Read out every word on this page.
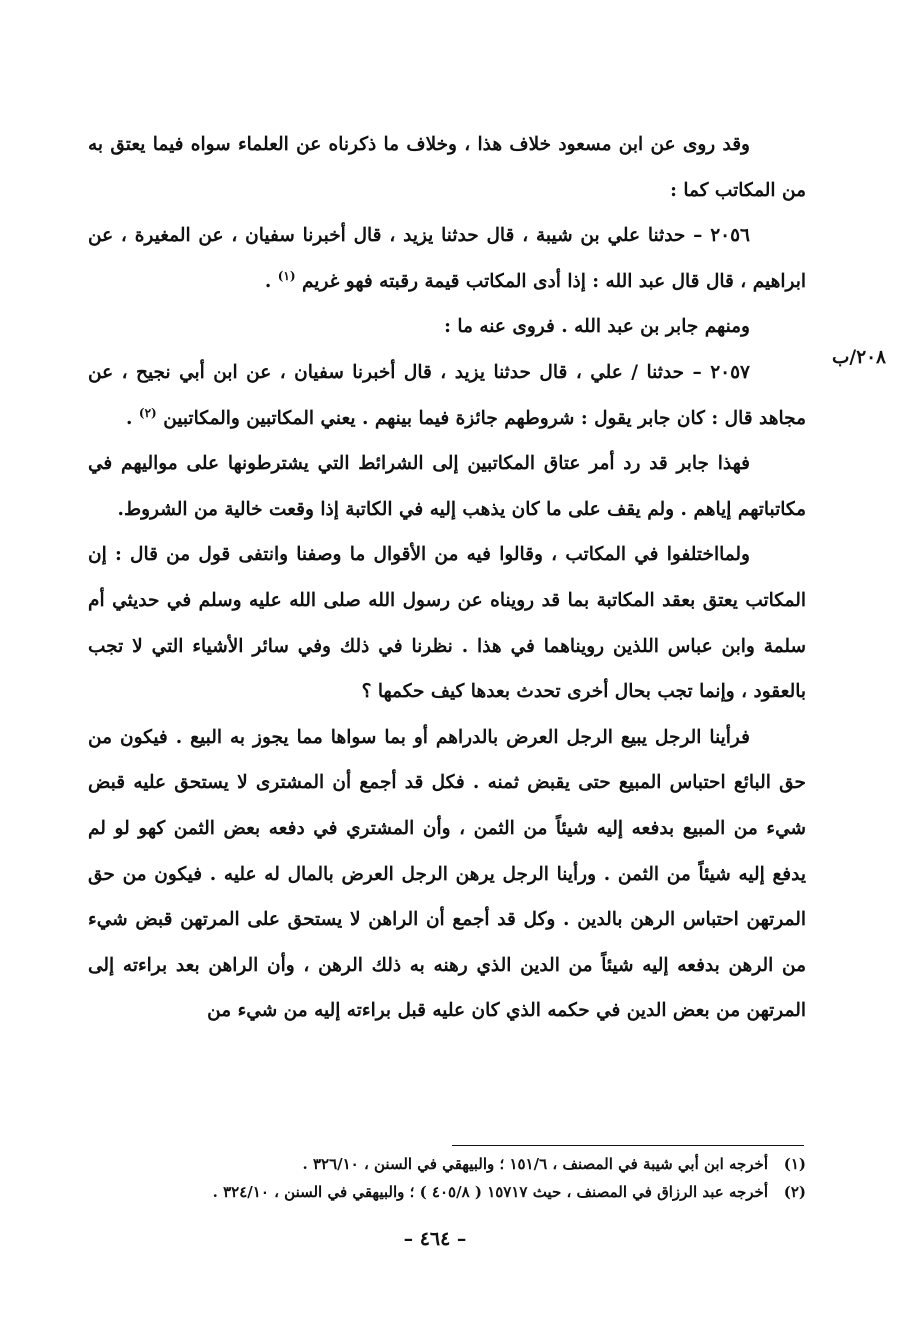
٢٠٨/ب

وقد روى عن ابن مسعود خلاف هذا ، وخلاف ما ذكرناه عن العلماء سواه فيما يعتق به من المكاتب كما :

٢٠٥٦ – حدثنا علي بن شيبة ، قال حدثنا يزيد ، قال أخبرنا سفيان ، عن المغيرة ، عن ابراهيم ، قال قال عبد الله : إذا أدى المكاتب قيمة رقبته فهو غريم $^{(١)}$ .

ومنهم جابر بن عبد الله . فروى عنه ما :

٢٠٥٧ – حدثنا / علي ، قال حدثنا يزيد ، قال أخبرنا سفيان ، عن ابن أبي نجيح ، عن مجاهد قال : كان جابر يقول : شروطهم جائزة فيما بينهم . يعني المكاتبين والمكاتبين $^{(٢)}$ .

فهذا جابر قد رد أمر عتاق المكاتبين إلى الشرائط التي يشترطونها على مواليهم في مكاتباتهم إياهم . ولم يقف على ما كان يذهب إليه في الكاتبة إذا وقعت خالية من الشروط.

ولمااختلفوا في المكاتب ، وقالوا فيه من الأقوال ما وصفنا وانتفى قول من قال : إن المكاتب يعتق بعقد المكاتبة بما قد رويناه عن رسول الله صلى الله عليه وسلم في حديثي أم سلمة وابن عباس اللذين رويناهما في هذا . نظرنا في ذلك وفي سائر الأشياء التي لا تجب بالعقود ، وإنما تجب بحال أخرى تحدث بعدها كيف حكمها ؟

فرأينا الرجل يبيع الرجل العرض بالدراهم أو بما سواها مما يجوز به البيع . فيكون من حق البائع احتباس المبيع حتى يقبض ثمنه . فكل قد أجمع أن المشترى لا يستحق عليه قبض شيء من المبيع بدفعه إليه شيئاً من الثمن ، وأن المشتري في دفعه بعض الثمن كهو لو لم يدفع إليه شيئاً من الثمن . ورأينا الرجل يرهن الرجل العرض بالمال له عليه . فيكون من حق المرتهن احتباس الرهن بالدين . وكل قد أجمع أن الراهن لا يستحق على المرتهن قبض شيء من الرهن بدفعه إليه شيئاً من الدين الذي رهنه به ذلك الرهن ، وأن الراهن بعد براءته إلى المرتهن من بعض الدين في حكمه الذي كان عليه قبل براءته إليه من شيء من

(١)أخرجه ابن أبي شيبة في المصنف ، ١٥١/٦ ؛ والبيهقي في السنن ، ٣٢٦/١٠ .

(٢)أخرجه عبد الرزاق في المصنف ، حيث ١٥٧١٧ ( ٤٠٥/٨ ) ؛ والبيهقي في السنن ، ٣٢٤/١٠ .

– ٤٦٤ –
